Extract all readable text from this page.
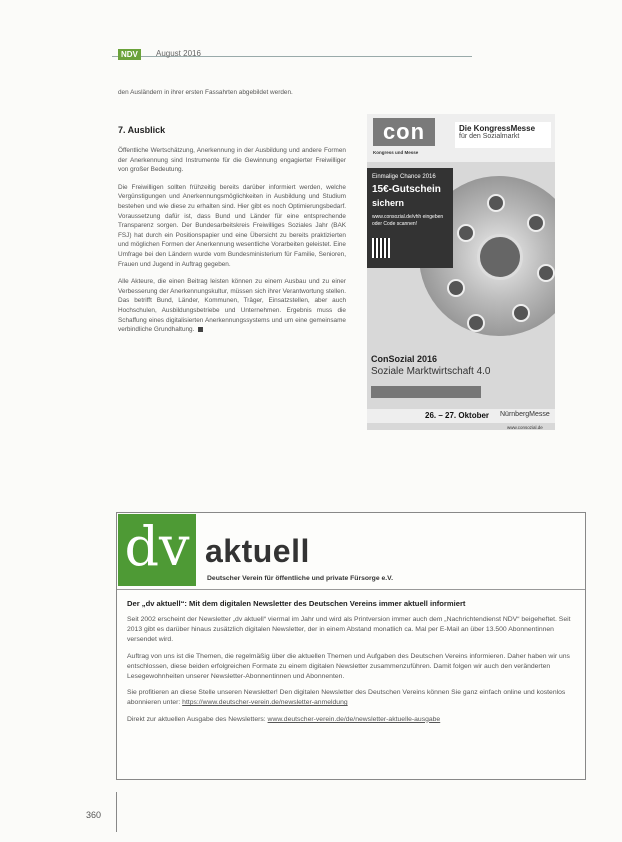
NDV	August 2016
den Ausländern in ihrer ersten Fassahrten abgebildet werden.
7. Ausblick

Öffentliche Wertschätzung, Anerkennung in der Ausbildung und andere Formen der Anerkennung sind Instrumente für die Gewinnung engagierter Freiwilliger von großer Bedeutung.

Die Freiwilligen sollten frühzeitig bereits darüber informiert werden, welche Vergünstigungen und Anerkennungsmöglichkeiten in Ausbildung und Studium bestehen und wie diese zu erhalten sind. Hier gibt es noch Optimierungsbedarf. Voraussetzung dafür ist, dass Bund und Länder für eine entsprechende Transparenz sorgen. Der Bundesarbeitskreis Freiwilliges Soziales Jahr (BAK FSJ) hat durch ein Positionspapier und eine Übersicht zu bereits praktizierten und möglichen Formen der Anerkennung wesentliche Vorarbeiten geleistet. Eine Umfrage bei den Ländern wurde vom Bundesministerium für Familie, Senioren, Frauen und Jugend in Auftrag gegeben.

Alle Akteure, die einen Beitrag leisten können zu einem Ausbau und zu einer Verbesserung der Anerkennungskultur, müssen sich ihrer Verantwortung stellen. Das betrifft Bund, Länder, Kommunen, Träger, Einsatzstellen, aber auch Hochschulen, Ausbildungsbetriebe und Unternehmen. Ergebnis muss die Schaffung eines digitalisierten Anerkennungssystems und um eine gemeinsame verbindliche Grundhaltung.

con
Kongress und Messe
Die KongressMesse
für den Sozialmarkt
Einmalige Chance 2016
15€-Gutschein
sichern
www.consozial.de/vhh eingeben oder Code scannen!
ConSozial 2016
Soziale Marktwirtschaft 4.0
26. – 27. Oktober NürnbergMesse
www.consozial.de
dv aktuell
Deutscher Verein für öffentliche und private Fürsorge e.V.
Der „dv aktuell“: Mit dem digitalen Newsletter des Deutschen Vereins immer aktuell informiert

Seit 2002 erscheint der Newsletter „dv aktuell“ viermal im Jahr und wird als Printversion immer auch dem „Nachrichtendienst NDV“ beigeheftet. Seit 2013 gibt es darüber hinaus zusätzlich digitalen Newsletter, der in einem Abstand monatlich ca. Mal per E-Mail an über 13.500 Abonnentinnen versendet wird.

Auftrag von uns ist die Themen, die regelmäßig über die aktuellen Themen und Aufgaben des Deutschen Vereins informieren. Daher haben wir uns entschlossen, diese beiden erfolgreichen Formate zu einem digitalen Newsletter zusammenzuführen. Damit folgen wir auch den veränderten Lesegewohnheiten unserer Newsletter-Abonnentinnen und Abonnenten.

Sie profitieren an diese Stelle unseren Newsletter! Den digitalen Newsletter des Deutschen Vereins können Sie ganz einfach online und kostenlos abonnieren unter: https://www.deutscher-verein.de/newsletter-anmeldung

Direkt zur aktuellen Ausgabe des Newsletters: www.deutscher-verein.de/de/newsletter-aktuelle-ausgabe

360
